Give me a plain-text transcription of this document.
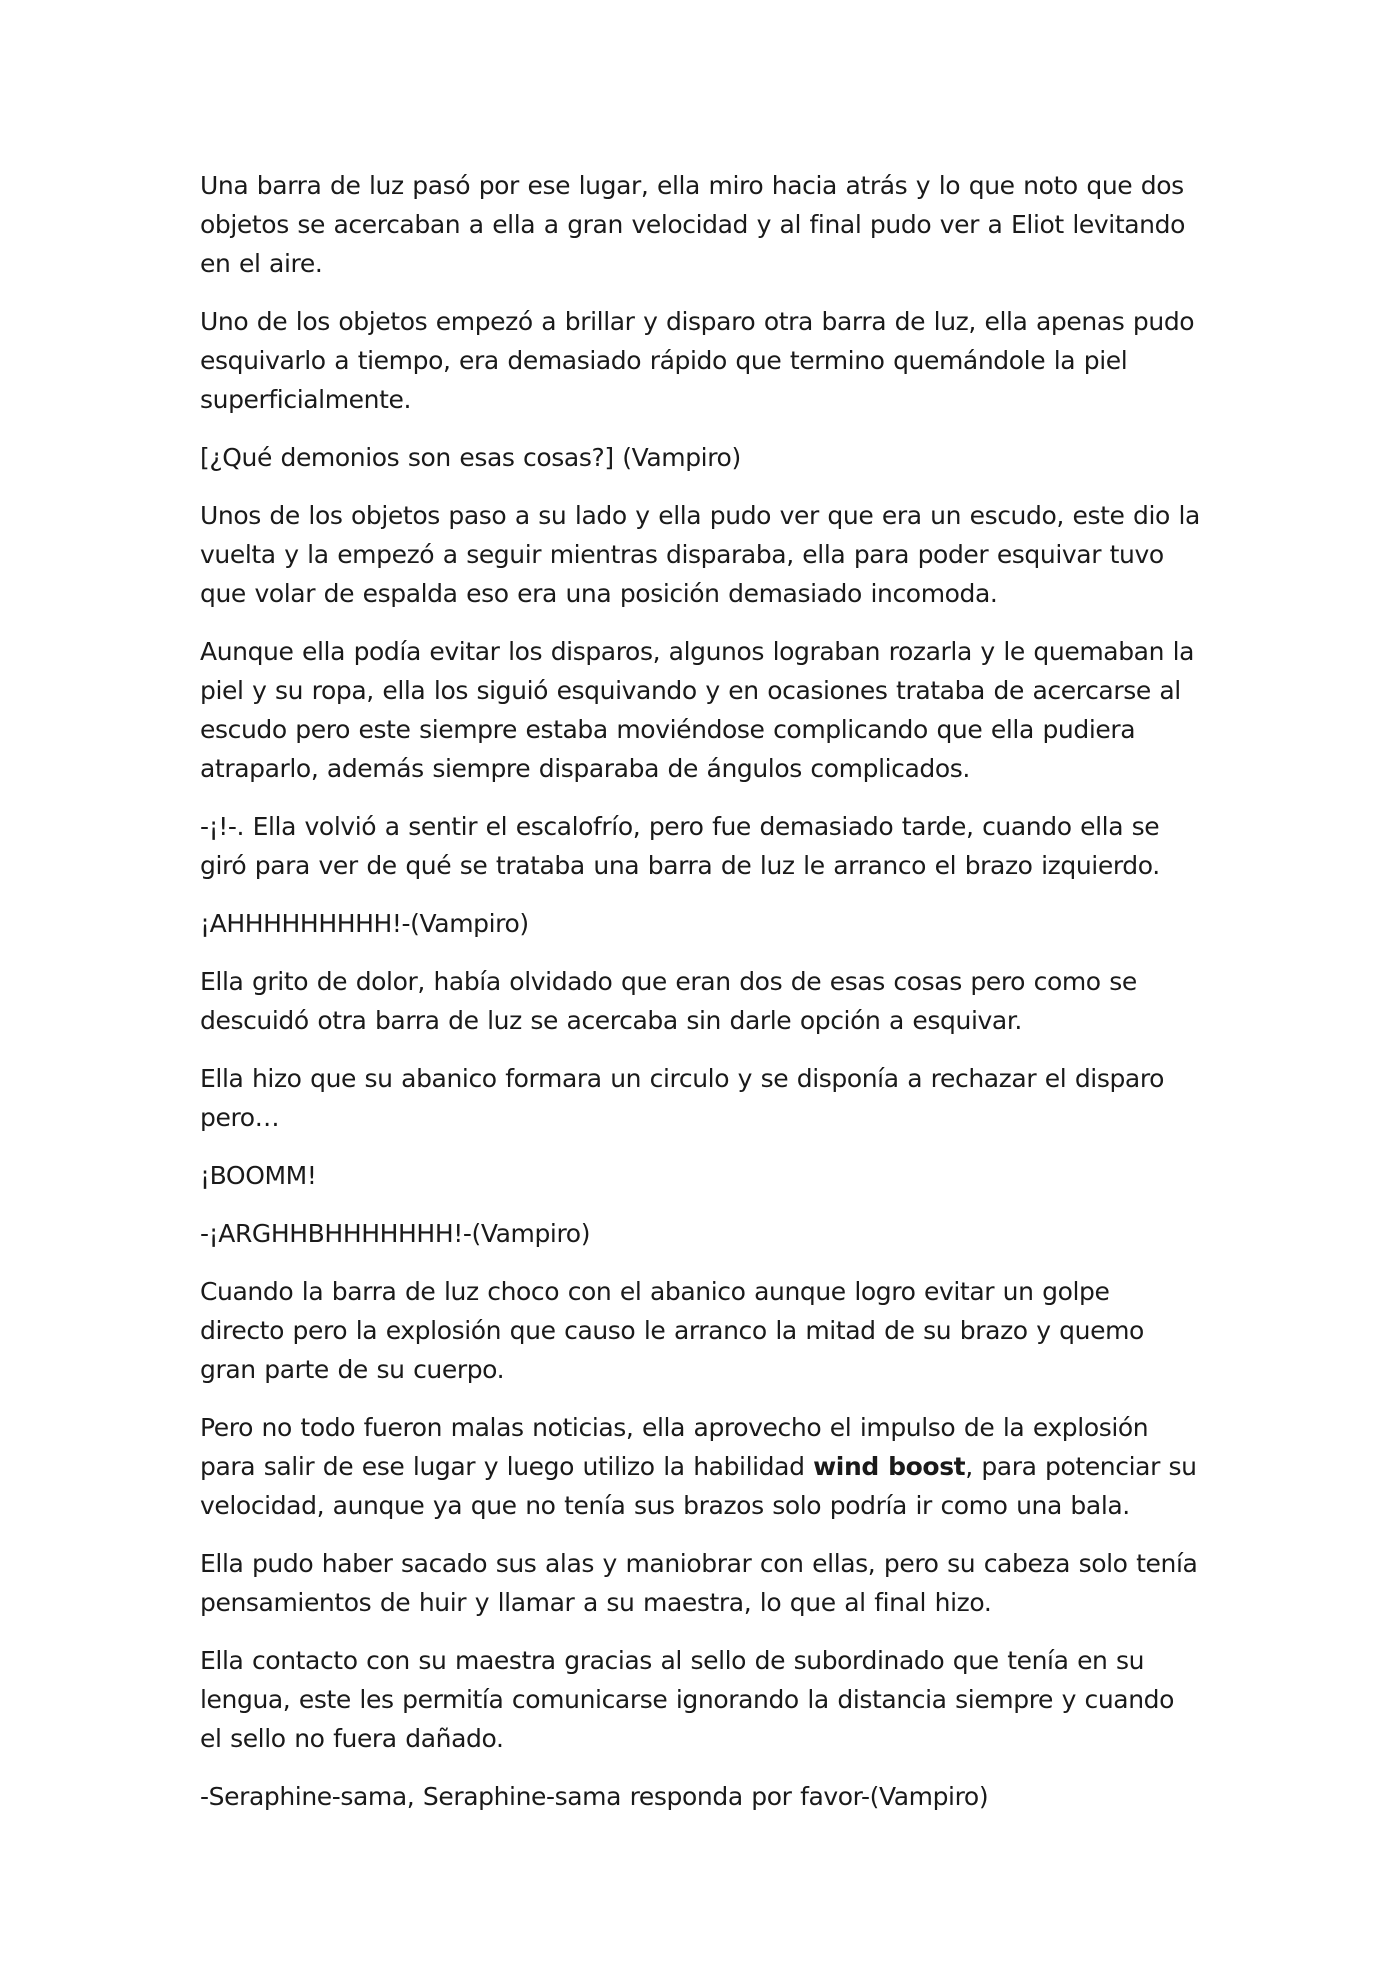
Una barra de luz pasó por ese lugar, ella miro hacia atrás y lo que noto que dos objetos se acercaban a ella a gran velocidad y al final pudo ver a Eliot levitando en el aire.

Uno de los objetos empezó a brillar y disparo otra barra de luz, ella apenas pudo esquivarlo a tiempo, era demasiado rápido que termino quemándole la piel superficialmente.

[¿Qué demonios son esas cosas?] (Vampiro)

Unos de los objetos paso a su lado y ella pudo ver que era un escudo, este dio la vuelta y la empezó a seguir mientras disparaba, ella para poder esquivar tuvo que volar de espalda eso era una posición demasiado incomoda.

Aunque ella podía evitar los disparos, algunos lograban rozarla y le quemaban la piel y su ropa, ella los siguió esquivando y en ocasiones trataba de acercarse al escudo pero este siempre estaba moviéndose complicando que ella pudiera atraparlo, además siempre disparaba de ángulos complicados.

-¡!-. Ella volvió a sentir el escalofrío, pero fue demasiado tarde, cuando ella se giró para ver de qué se trataba una barra de luz le arranco el brazo izquierdo.

¡AHHHHHHHHH!-(Vampiro)

Ella grito de dolor, había olvidado que eran dos de esas cosas pero como se descuidó otra barra de luz se acercaba sin darle opción a esquivar.

Ella hizo que su abanico formara un circulo y se disponía a rechazar el disparo pero…

¡BOOMM!

-¡ARGHHBHHHHHHH!-(Vampiro)

Cuando la barra de luz choco con el abanico aunque logro evitar un golpe directo pero la explosión que causo le arranco la mitad de su brazo y quemo gran parte de su cuerpo.

Pero no todo fueron malas noticias, ella aprovecho el impulso de la explosión para salir de ese lugar y luego utilizo la habilidad wind boost, para potenciar su velocidad, aunque ya que no tenía sus brazos solo podría ir como una bala.

Ella pudo haber sacado sus alas y maniobrar con ellas, pero su cabeza solo tenía pensamientos de huir y llamar a su maestra, lo que al final hizo.

Ella contacto con su maestra gracias al sello de subordinado que tenía en su lengua, este les permitía comunicarse ignorando la distancia siempre y cuando el sello no fuera dañado.

-Seraphine-sama, Seraphine-sama responda por favor-(Vampiro)
